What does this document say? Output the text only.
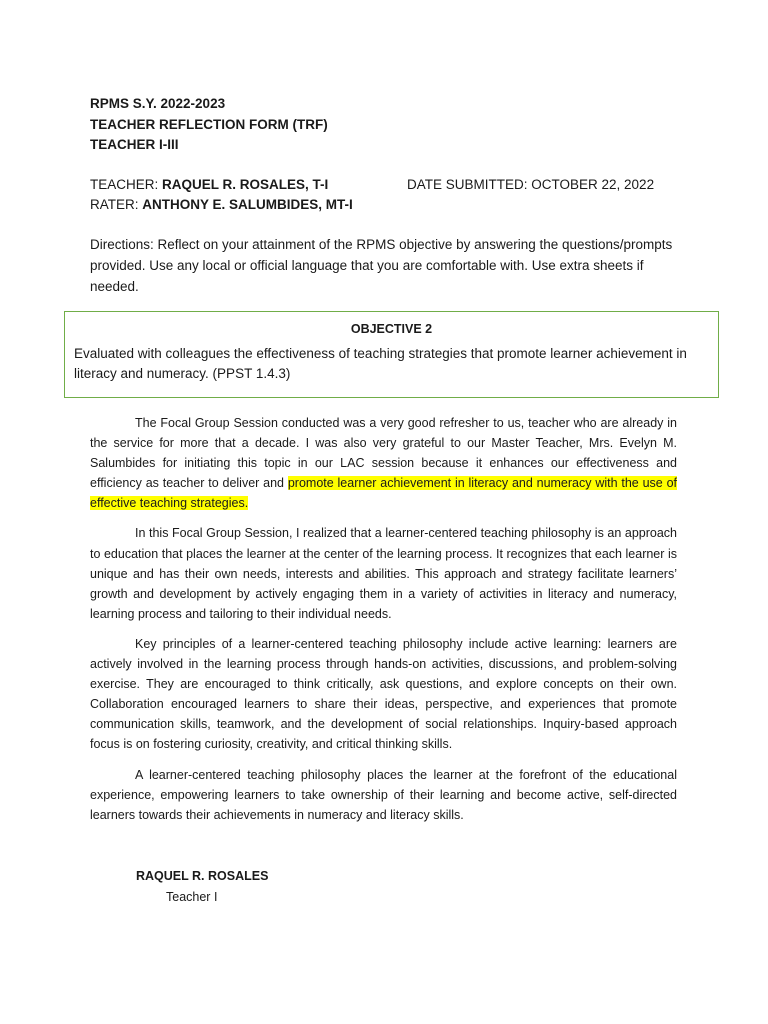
RPMS S.Y. 2022-2023
TEACHER REFLECTION FORM (TRF)
TEACHER I-III
TEACHER: RAQUEL R. ROSALES, T-I	DATE SUBMITTED: OCTOBER 22, 2022
RATER: ANTHONY E. SALUMBIDES, MT-I
Directions: Reflect on your attainment of the RPMS objective by answering the questions/prompts provided. Use any local or official language that you are comfortable with. Use extra sheets if needed.
OBJECTIVE 2
Evaluated with colleagues the effectiveness of teaching strategies that promote learner achievement in literacy and numeracy. (PPST 1.4.3)

The Focal Group Session conducted was a very good refresher to us, teacher who are already in the service for more that a decade. I was also very grateful to our Master Teacher, Mrs. Evelyn M. Salumbides for initiating this topic in our LAC session because it enhances our effectiveness and efficiency as teacher to deliver and promote learner achievement in literacy and numeracy with the use of effective teaching strategies.

In this Focal Group Session, I realized that a learner-centered teaching philosophy is an approach to education that places the learner at the center of the learning process. It recognizes that each learner is unique and has their own needs, interests and abilities. This approach and strategy facilitate learners’ growth and development by actively engaging them in a variety of activities in literacy and numeracy, learning process and tailoring to their individual needs.

Key principles of a learner-centered teaching philosophy include active learning: learners are actively involved in the learning process through hands-on activities, discussions, and problem-solving exercise. They are encouraged to think critically, ask questions, and explore concepts on their own. Collaboration encouraged learners to share their ideas, perspective, and experiences that promote communication skills, teamwork, and the development of social relationships. Inquiry-based approach focus is on fostering curiosity, creativity, and critical thinking skills.

A learner-centered teaching philosophy places the learner at the forefront of the educational experience, empowering learners to take ownership of their learning and become active, self-directed learners towards their achievements in numeracy and literacy skills.

RAQUEL R. ROSALES
Teacher I
